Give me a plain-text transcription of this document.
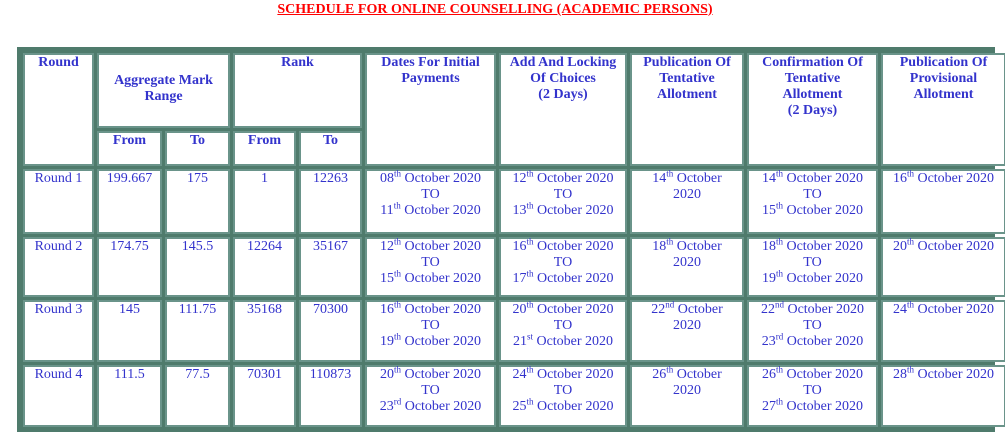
SCHEDULE FOR ONLINE COUNSELLING (ACADEMIC PERSONS)
Round	Aggregate Mark
Range		Rank		Dates For Initial
Payments	Add And Locking
Of Choices
(2 Days)	Publication Of
Tentative
Allotment	Confirmation Of
Tentative
Allotment
(2 Days)	Publication Of
Provisional
Allotment

	From	To	From	To					
Round 1	199.667	175	1	12263	08th October 2020
TO
11th October 2020	12th October 2020
TO
13th October 2020	14th October
2020	14th October 2020
TO
15th October 2020	16th October 2020

Round 2	174.75	145.5	12264	35167	12th October 2020
TO
15th October 2020	16th October 2020
TO
17th October 2020	18th October
2020	18th October 2020
TO
19th October 2020	20th October 2020

Round 3	145	111.75	35168	70300	16th October 2020
TO
19th October 2020	20th October 2020
TO
21st October 2020	22nd October
2020	22nd October 2020
TO
23rd October 2020	24th October 2020

Round 4	111.5	77.5	70301	110873	20th October 2020
TO
23rd October 2020	24th October 2020
TO
25th October 2020	26th October
2020	26th October 2020
TO
27th October 2020	28th October 2020
